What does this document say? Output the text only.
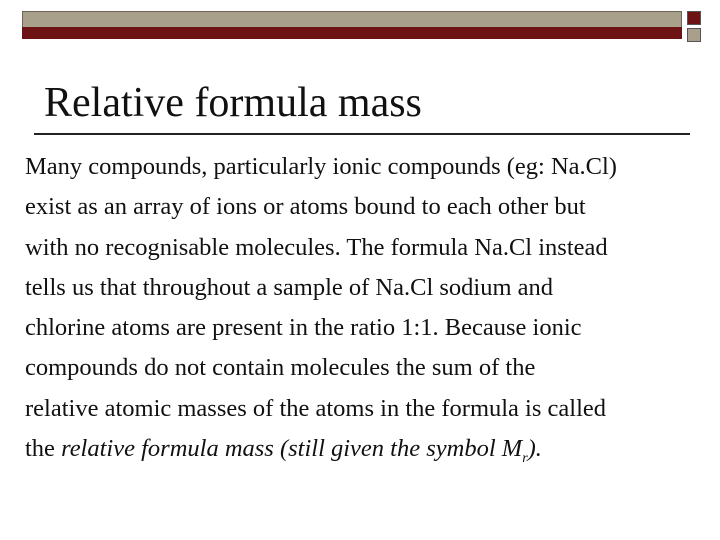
Relative formula mass
Many compounds, particularly ionic compounds (eg: Na.Cl)
exist as an array of ions or atoms bound to each other but
with no recognisable molecules. The formula Na.Cl instead
tells us that throughout a sample of Na.Cl sodium and
chlorine atoms are present in the ratio 1:1. Because ionic
compounds do not contain molecules the sum of the
relative atomic masses of the atoms in the formula is called
the relative formula mass (still given the symbol $M_r$).
